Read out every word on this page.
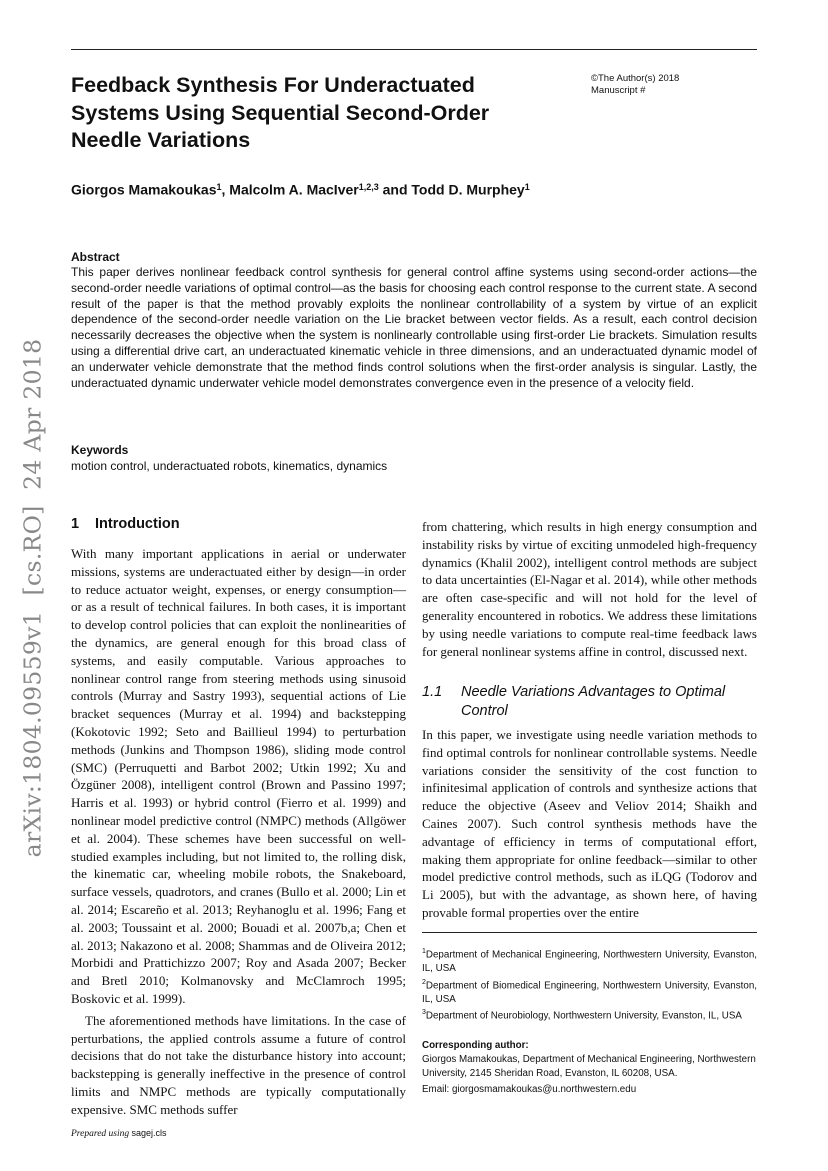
Feedback Synthesis For Underactuated Systems Using Sequential Second-Order Needle Variations
©The Author(s) 2018
Manuscript #
Giorgos Mamakoukas$^1$, Malcolm A. MacIver$^{1,2,3}$ and Todd D. Murphey$^1$
Abstract
This paper derives nonlinear feedback control synthesis for general control affine systems using second-order actions—the second-order needle variations of optimal control—as the basis for choosing each control response to the current state. A second result of the paper is that the method provably exploits the nonlinear controllability of a system by virtue of an explicit dependence of the second-order needle variation on the Lie bracket between vector fields. As a result, each control decision necessarily decreases the objective when the system is nonlinearly controllable using first-order Lie brackets. Simulation results using a differential drive cart, an underactuated kinematic vehicle in three dimensions, and an underactuated dynamic model of an underwater vehicle demonstrate that the method finds control solutions when the first-order analysis is singular. Lastly, the underactuated dynamic underwater vehicle model demonstrates convergence even in the presence of a velocity field.
Keywords
motion control, underactuated robots, kinematics, dynamics
arXiv:1804.09559v1  [cs.RO]  24 Apr 2018 1 Introduction

With many important applications in aerial or underwater missions, systems are underactuated either by design—in order to reduce actuator weight, expenses, or energy consumption—or as a result of technical failures. In both cases, it is important to develop control policies that can exploit the nonlinearities of the dynamics, are general enough for this broad class of systems, and easily computable. Various approaches to nonlinear control range from steering methods using sinusoid controls (Murray and Sastry 1993), sequential actions of Lie bracket sequences (Murray et al. 1994) and backstepping (Kokotovic 1992; Seto and Baillieul 1994) to perturbation methods (Junkins and Thompson 1986), sliding mode control (SMC) (Perruquetti and Barbot 2002; Utkin 1992; Xu and Özgüner 2008), intelligent control (Brown and Passino 1997; Harris et al. 1993) or hybrid control (Fierro et al. 1999) and nonlinear model predictive control (NMPC) methods (Allgöwer et al. 2004). These schemes have been successful on well-studied examples including, but not limited to, the rolling disk, the kinematic car, wheeling mobile robots, the Snakeboard, surface vessels, quadrotors, and cranes (Bullo et al. 2000; Lin et al. 2014; Escareño et al. 2013; Reyhanoglu et al. 1996; Fang et al. 2003; Toussaint et al. 2000; Bouadi et al. 2007b,a; Chen et al. 2013; Nakazono et al. 2008; Shammas and de Oliveira 2012; Morbidi and Prattichizzo 2007; Roy and Asada 2007; Becker and Bretl 2010; Kolmanovsky and McClamroch 1995; Boskovic et al. 1999).

The aforementioned methods have limitations. In the case of perturbations, the applied controls assume a future of control decisions that do not take the disturbance history into account; backstepping is generally ineffective in the presence of control limits and NMPC methods are typically computationally expensive. SMC methods suffer

from chattering, which results in high energy consumption and instability risks by virtue of exciting unmodeled high-frequency dynamics (Khalil 2002), intelligent control methods are subject to data uncertainties (El-Nagar et al. 2014), while other methods are often case-specific and will not hold for the level of generality encountered in robotics. We address these limitations by using needle variations to compute real-time feedback laws for general nonlinear systems affine in control, discussed next.
1.1	Needle Variations Advantages to Optimal Control
In this paper, we investigate using needle variation methods to find optimal controls for nonlinear controllable systems. Needle variations consider the sensitivity of the cost function to infinitesimal application of controls and synthesize actions that reduce the objective (Aseev and Veliov 2014; Shaikh and Caines 2007). Such control synthesis methods have the advantage of efficiency in terms of computational effort, making them appropriate for online feedback—similar to other model predictive control methods, such as iLQG (Todorov and Li 2005), but with the advantage, as shown here, of having provable formal properties over the entire

$^1$Department of Mechanical Engineering, Northwestern University, Evanston, IL, USA

$^2$Department of Biomedical Engineering, Northwestern University, Evanston, IL, USA

$^3$Department of Neurobiology, Northwestern University, Evanston, IL, USA

Corresponding author:
Giorgos Mamakoukas, Department of Mechanical Engineering, Northwestern University, 2145 Sheridan Road, Evanston, IL 60208, USA.
Email: giorgosmamakoukas@u.northwestern.edu
Prepared using sagej.cls
